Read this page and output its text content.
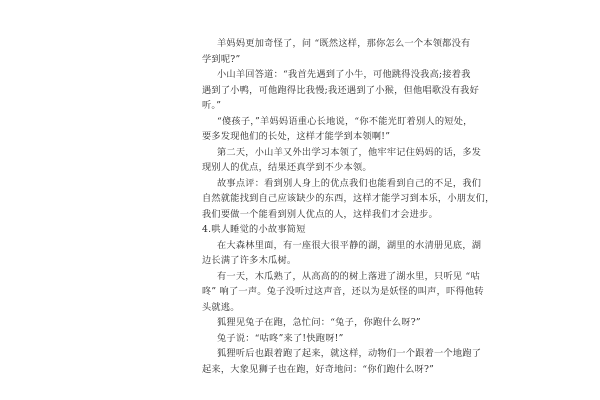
羊妈妈更加奇怪了，问 “既然这样，那你怎么一个本领都没有
学到呢?”
小山羊回答道：“我首先遇到了小牛，可他跳得没我高;接着我
遇到了小鸭，可他跑得比我慢;我还遇到了小猴，但他唱歌没有我好
听。”
“傻孩子，”羊妈妈语重心长地说，“你不能光盯着别人的短处，
要多发现他们的长处，这样才能学到本领啊!”
第二天，小山羊又外出学习本领了，他牢牢记住妈妈的话，多发
现别人的优点，结果还真学到不少本领。
故事点评：看到别人身上的优点我们也能看到自己的不足，我们
自然就能找到自己应该缺少的东西，这样才能学习到本乐，小朋友们，
我们要做一个能看到别人优点的人，这样我们才会进步。
4.哄人睡觉的小故事简短
在大森林里面，有一座很大很平静的湖，湖里的水清册见底，湖
边长满了许多木瓜树。
有一天，木瓜熟了，从高高的的树上落进了湖水里，只听见 “咕
咚” 响了一声。兔子没听过这声音，还以为是妖怪的叫声，吓得他转
头就逃。
狐狸见兔子在跑，急忙问：“兔子，你跑什么呀?”
兔子说：“咕咚”来了!快跑呀!”
狐狸听后也跟着跑了起来，就这样，动物们一个跟着一个地跑了
起来，大象见狮子也在跑，好奇地问：“你们跑什么呀?”
